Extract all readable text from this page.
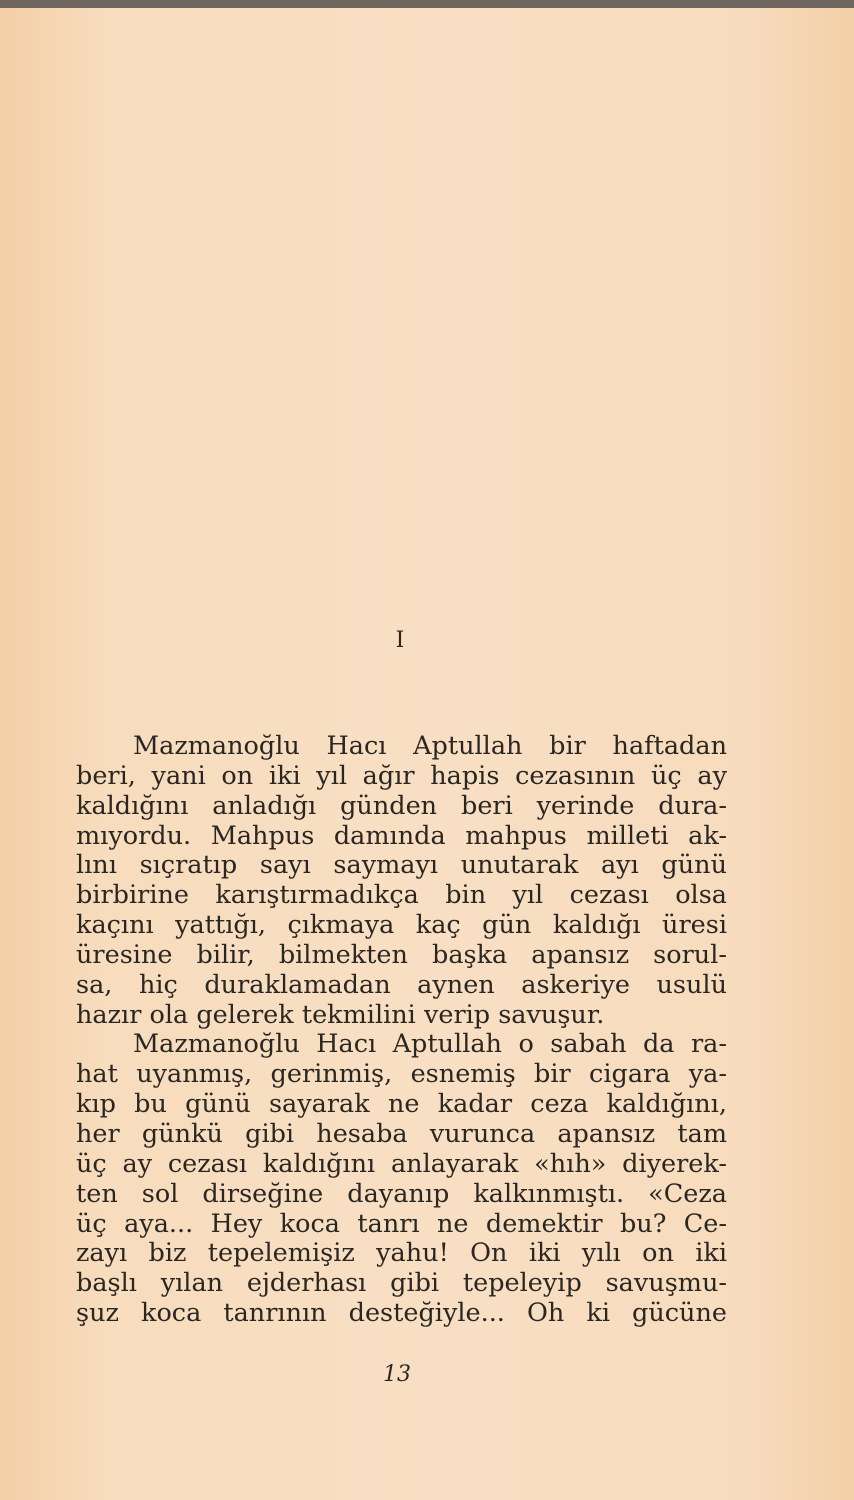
I
Mazmanoğlu Hacı Aptullah bir haftadan
beri, yani on iki yıl ağır hapis cezasının üç ay
kaldığını anladığı günden beri yerinde dura-
mıyordu. Mahpus damında mahpus milleti ak-
lını sıçratıp sayı saymayı unutarak ayı günü
birbirine karıştırmadıkça bin yıl cezası olsa
kaçını yattığı, çıkmaya kaç gün kaldığı üresi
üresine bilir, bilmekten başka apansız sorul-
sa, hiç duraklamadan aynen askeriye usulü
hazır ola gelerek tekmilini verip savuşur.
Mazmanoğlu Hacı Aptullah o sabah da ra-
hat uyanmış, gerinmiş, esnemiş bir cigara ya-
kıp bu günü sayarak ne kadar ceza kaldığını,
her günkü gibi hesaba vurunca apansız tam
üç ay cezası kaldığını anlayarak «hıh» diyerek-
ten sol dirseğine dayanıp kalkınmıştı. «Ceza
üç aya... Hey koca tanrı ne demektir bu? Ce-
zayı biz tepelemişiz yahu! On iki yılı on iki
başlı yılan ejderhası gibi tepeleyip savuşmu-
şuz koca tanrının desteğiyle... Oh ki gücüne
13
